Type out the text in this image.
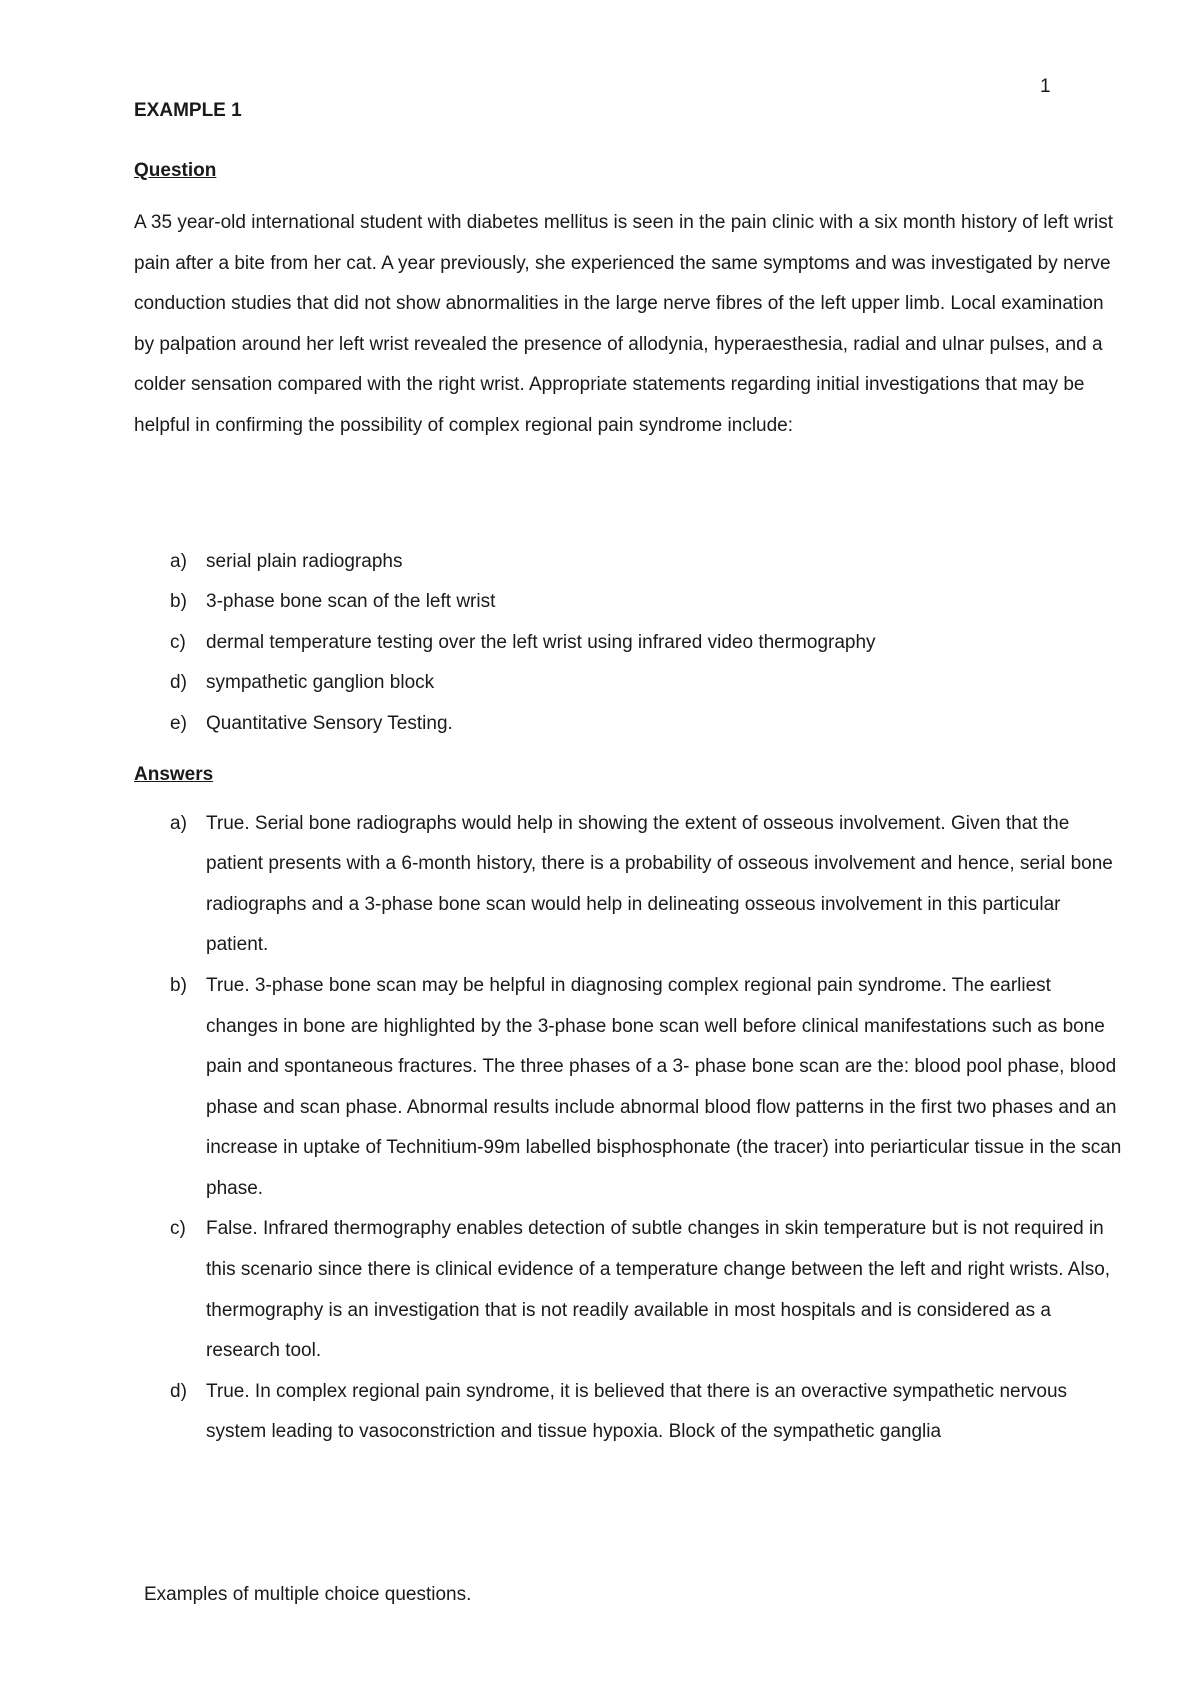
1

EXAMPLE 1

Question

A 35 year-old international student with diabetes mellitus is seen in the pain clinic with a six month history of left wrist pain after a bite from her cat. A year previously, she experienced the same symptoms and was investigated by nerve conduction studies that did not show abnormalities in the large nerve fibres of the left upper limb. Local examination by palpation around her left wrist revealed the presence of allodynia, hyperaesthesia, radial and ulnar pulses, and a colder sensation compared with the right wrist. Appropriate statements regarding initial investigations that may be helpful in confirming the possibility of complex regional pain syndrome include:

a) serial plain radiographs
b) 3-phase bone scan of the left wrist
c) dermal temperature testing over the left wrist using infrared video thermography
d) sympathetic ganglion block
e) Quantitative Sensory Testing.

Answers

a) True. Serial bone radiographs would help in showing the extent of osseous involvement. Given that the patient presents with a 6-month history, there is a probability of osseous involvement and hence, serial bone radiographs and a 3-phase bone scan would help in delineating osseous involvement in this particular patient.
b) True. 3-phase bone scan may be helpful in diagnosing complex regional pain syndrome. The earliest changes in bone are highlighted by the 3-phase bone scan well before clinical manifestations such as bone pain and spontaneous fractures. The three phases of a 3- phase bone scan are the: blood pool phase, blood phase and scan phase. Abnormal results include abnormal blood flow patterns in the first two phases and an increase in uptake of Technitium-99m labelled bisphosphonate (the tracer) into periarticular tissue in the scan phase.
c) False. Infrared thermography enables detection of subtle changes in skin temperature but is not required in this scenario since there is clinical evidence of a temperature change between the left and right wrists. Also, thermography is an investigation that is not readily available in most hospitals and is considered as a research tool.
d) True. In complex regional pain syndrome, it is believed that there is an overactive sympathetic nervous system leading to vasoconstriction and tissue hypoxia. Block of the sympathetic ganglia
Examples of multiple choice questions.
